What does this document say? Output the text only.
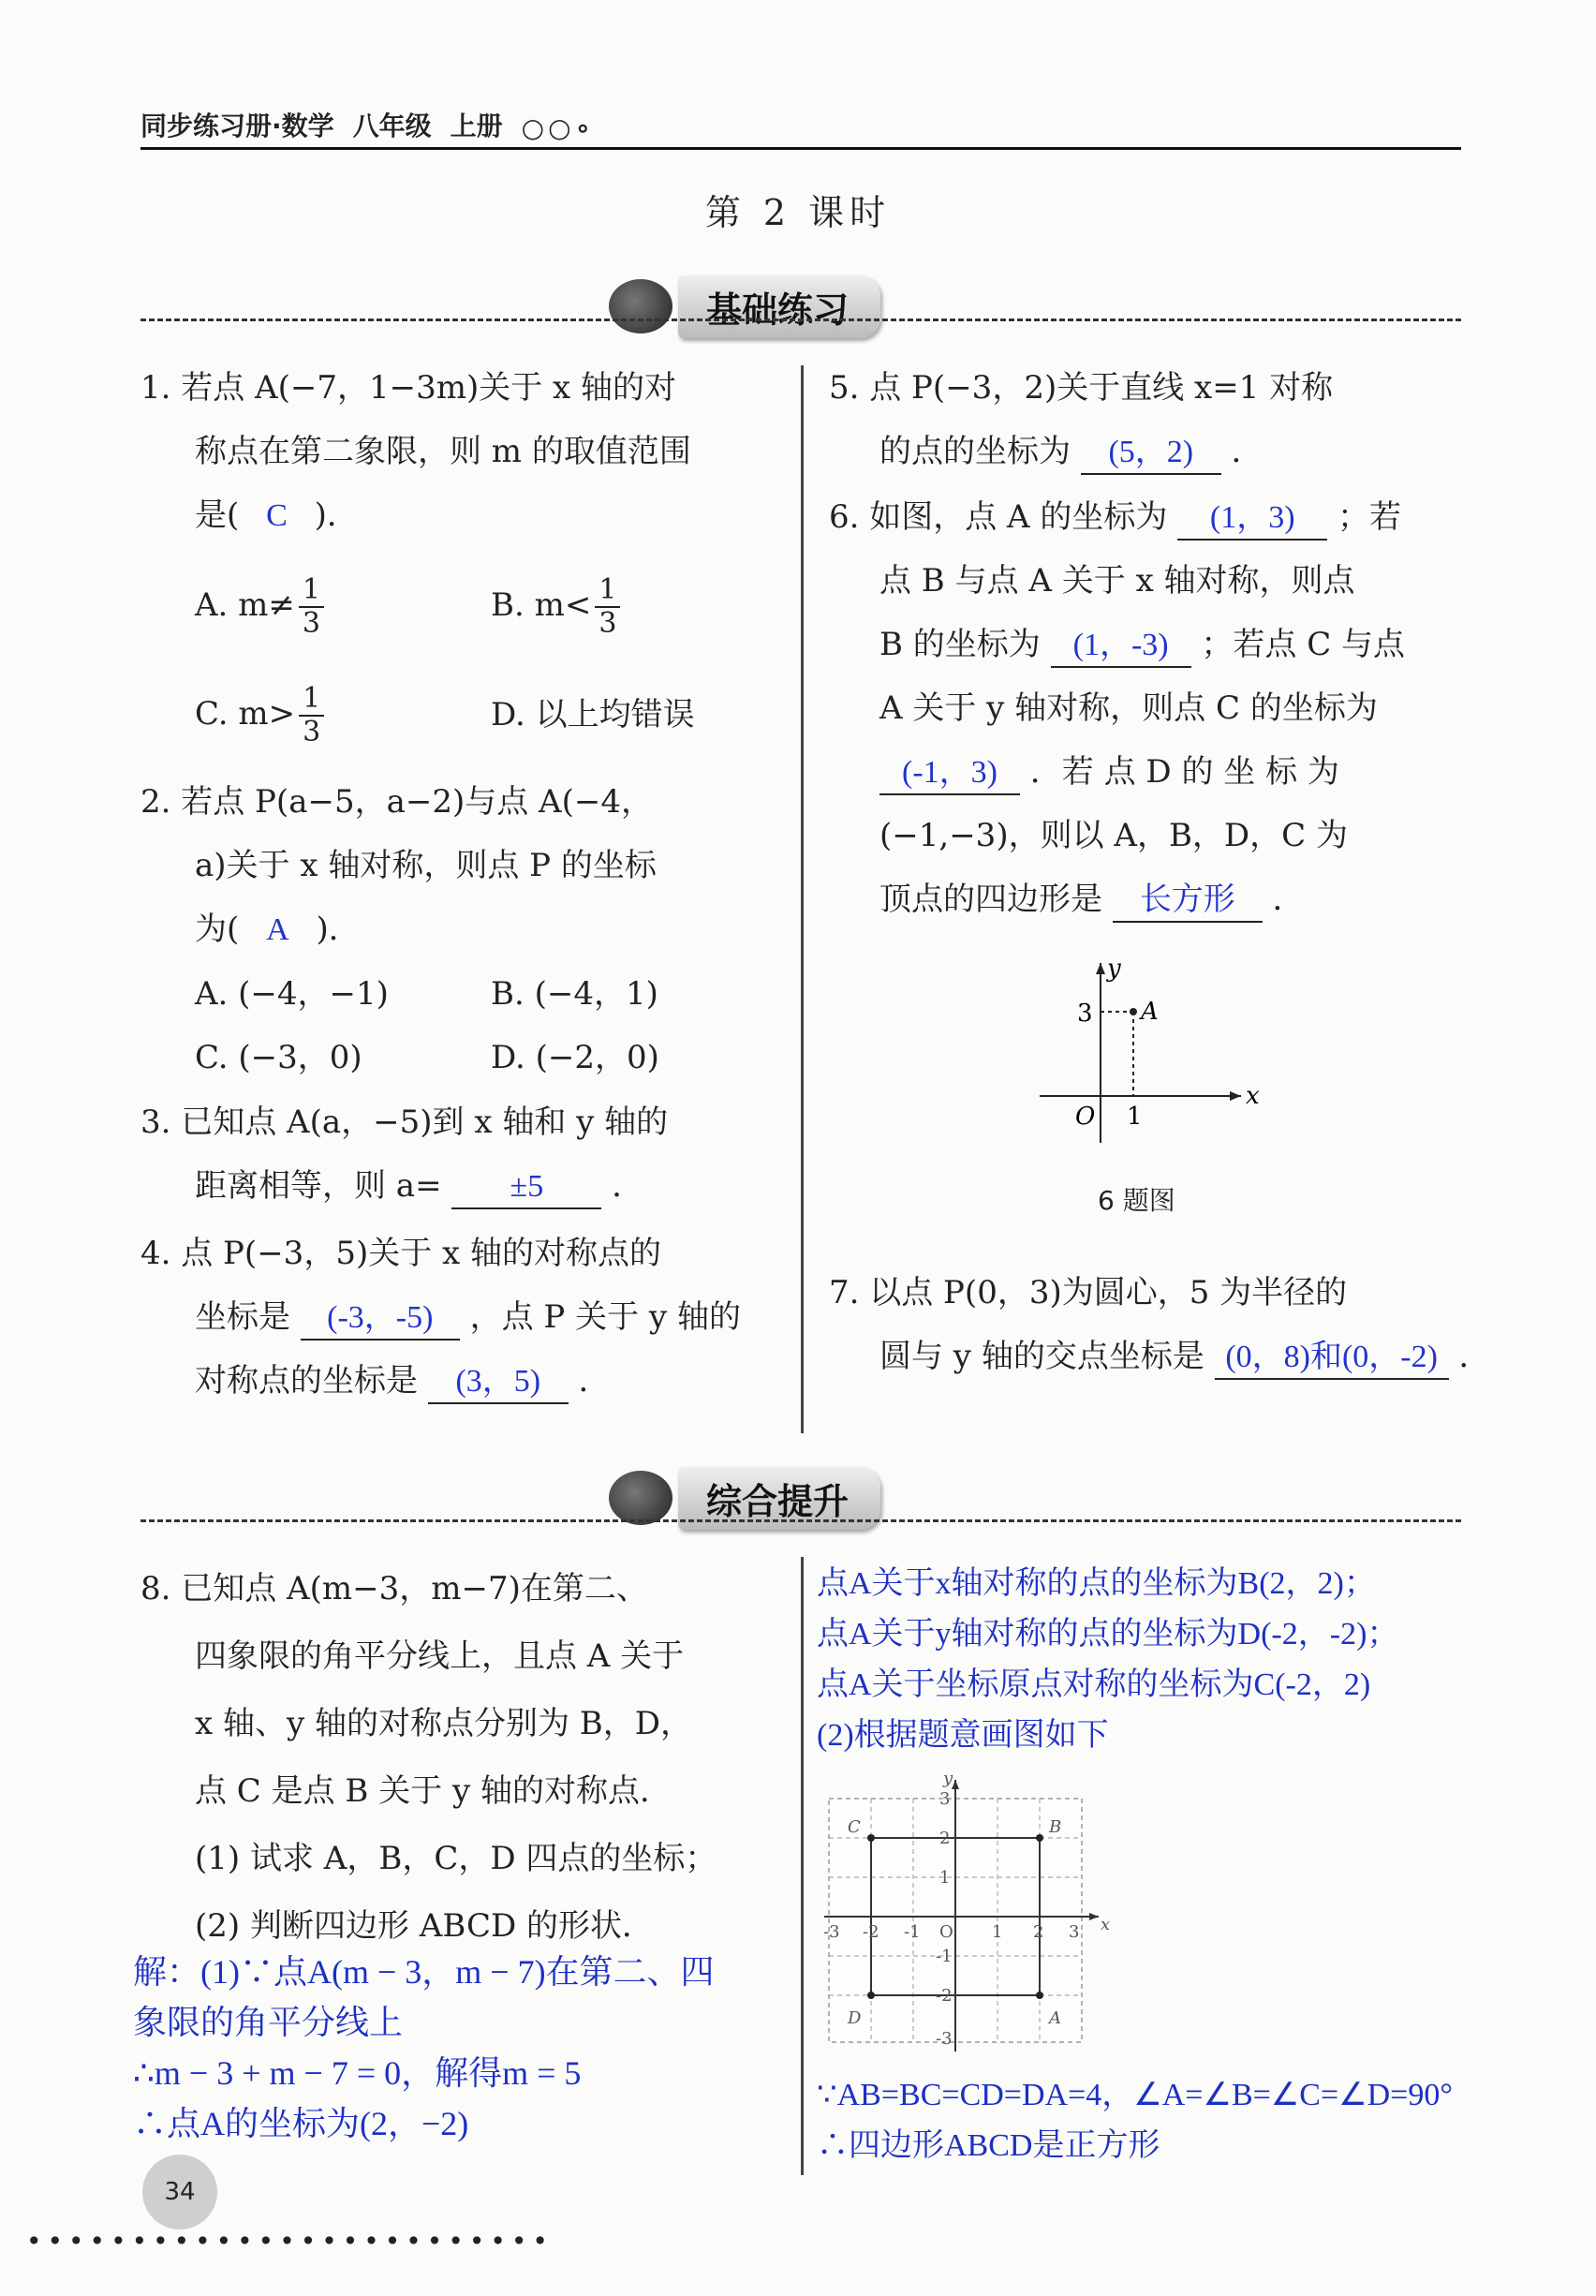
同步练习册·数学 八年级 上册 ○○∘
第 2 课时
基础练习

1. 若点 A(−7，1−3m)关于 x 轴的对

称点在第二象限，则 m 的取值范围

是( C )．

A. $m\ne \frac{1}{3}$	B. $m< \frac{1}{3}$
C. $m> \frac{1}{3}$	D. 以上均错误

2. 若点 P(a−5，a−2)与点 A(−4，

a)关于 x 轴对称，则点 P 的坐标

为( A )．

A. (−4，−1)	B. (−4，1)
C. (−3，0)	D. (−2，0)

3. 已知点 A(a，−5)到 x 轴和 y 轴的

距离相等，则 a= ±5 ．

4. 点 P(−3，5)关于 x 轴的对称点的

坐标是 (-3，-5) ，点 P 关于 y 轴的

对称点的坐标是 (3，5) ．

5. 点 P(−3，2)关于直线 x=1 对称

的点的坐标为 (5，2) ．

6. 如图，点 A 的坐标为 (1，3) ；若

点 B 与点 A 关于 x 轴对称，则点

B 的坐标为 (1，-3) ；若点 C 与点

A 关于 y 轴对称，则点 C 的坐标为

(-1，3) ．若 点 D 的 坐 标 为

(−1,−3)，则以 A，B，D，C 为

顶点的四边形是 长方形 ．

x
y
O 1
3 A
6 题图

7. 以点 P(0，3)为圆心，5 为半径的

圆与 y 轴的交点坐标是 (0，8)和(0，-2) ．

综合提升

8. 已知点 A(m−3，m−7)在第二、

四象限的角平分线上，且点 A 关于

x 轴、y 轴的对称点分别为 B，D，

点 C 是点 B 关于 y 轴的对称点．

(1) 试求 A，B，C，D 四点的坐标；

(2) 判断四边形 ABCD 的形状．

解：(1)∵点A(m − 3，m − 7)在第二、四

象限的角平分线上

∴m − 3 + m − 7 = 0，解得m = 5

∴点A的坐标为(2，−2)

点A关于x轴对称的点的坐标为B(2，2)；

点A关于y轴对称的点的坐标为D(-2，-2)；

点A关于坐标原点对称的坐标为C(-2，2)

(2)根据题意画图如下

-3 -2 -1 O 1 2 3
3
2
1
-1
-2
-3
x
y
A
B
C
D

∵AB=BC=CD=DA=4，∠A=∠B=∠C=∠D=90°

∴四边形ABCD是正方形

34
•••••••••••••••••••••••••
